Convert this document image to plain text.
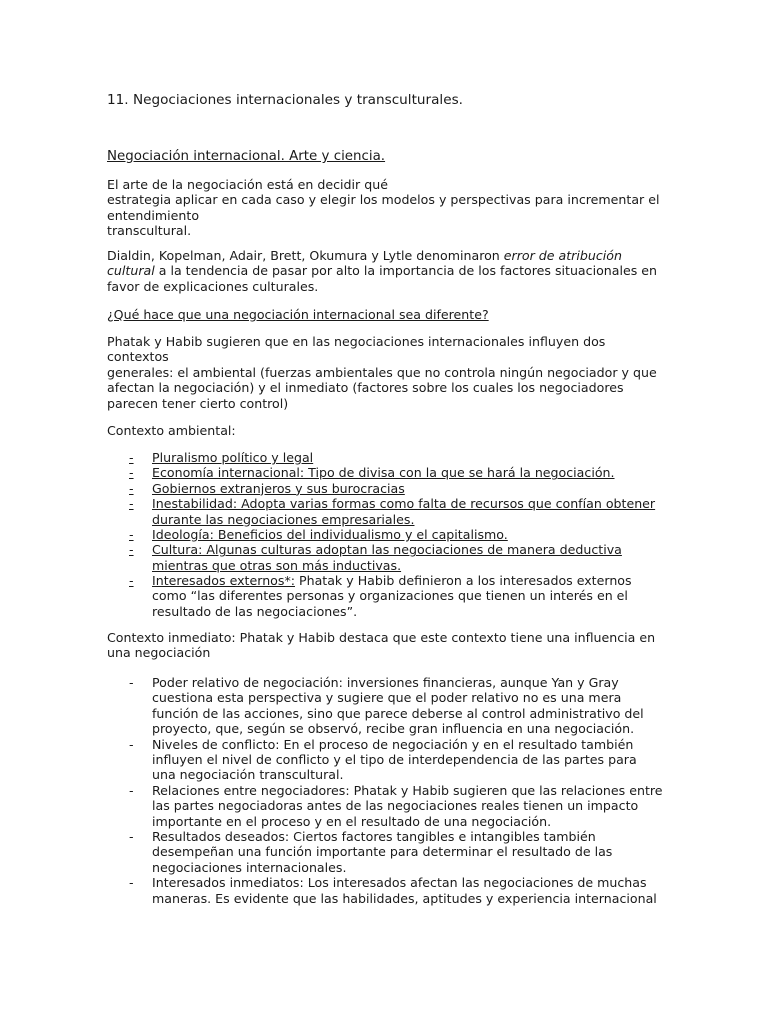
11. Negociaciones internacionales y transculturales.
Negociación internacional. Arte y ciencia.
El arte de la negociación está en decidir qué
estrategia aplicar en cada caso y elegir los modelos y perspectivas para incrementar el
entendimiento
transcultural.
Dialdin, Kopelman, Adair, Brett, Okumura y Lytle denominaron error de atribución
cultural a la tendencia de pasar por alto la importancia de los factores situacionales en
favor de explicaciones culturales.
¿Qué hace que una negociación internacional sea diferente?
Phatak y Habib sugieren que en las negociaciones internacionales influyen dos
contextos
generales: el ambiental (fuerzas ambientales que no controla ningún negociador y que
afectan la negociación) y el inmediato (factores sobre los cuales los negociadores
parecen tener cierto control)
Contexto ambiental:
- Pluralismo político y legal
- Economía internacional: Tipo de divisa con la que se hará la negociación.
- Gobiernos extranjeros y sus burocracias
- Inestabilidad: Adopta varias formas como falta de recursos que confían obtener
durante las negociaciones empresariales.
- Ideología: Beneficios del individualismo y el capitalismo.
- Cultura: Algunas culturas adoptan las negociaciones de manera deductiva
mientras que otras son más inductivas.
- Interesados externos*: Phatak y Habib definieron a los interesados externos
como “las diferentes personas y organizaciones que tienen un interés en el
resultado de las negociaciones”.
Contexto inmediato: Phatak y Habib destaca que este contexto tiene una influencia en
una negociación
- Poder relativo de negociación: inversiones financieras, aunque Yan y Gray
cuestiona esta perspectiva y sugiere que el poder relativo no es una mera
función de las acciones, sino que parece deberse al control administrativo del
proyecto, que, según se observó, recibe gran influencia en una negociación.
- Niveles de conflicto: En el proceso de negociación y en el resultado también
influyen el nivel de conflicto y el tipo de interdependencia de las partes para
una negociación transcultural.
- Relaciones entre negociadores: Phatak y Habib sugieren que las relaciones entre
las partes negociadoras antes de las negociaciones reales tienen un impacto
importante en el proceso y en el resultado de una negociación.
- Resultados deseados: Ciertos factores tangibles e intangibles también
desempeñan una función importante para determinar el resultado de las
negociaciones internacionales.
- Interesados inmediatos: Los interesados afectan las negociaciones de muchas
maneras. Es evidente que las habilidades, aptitudes y experiencia internacional
